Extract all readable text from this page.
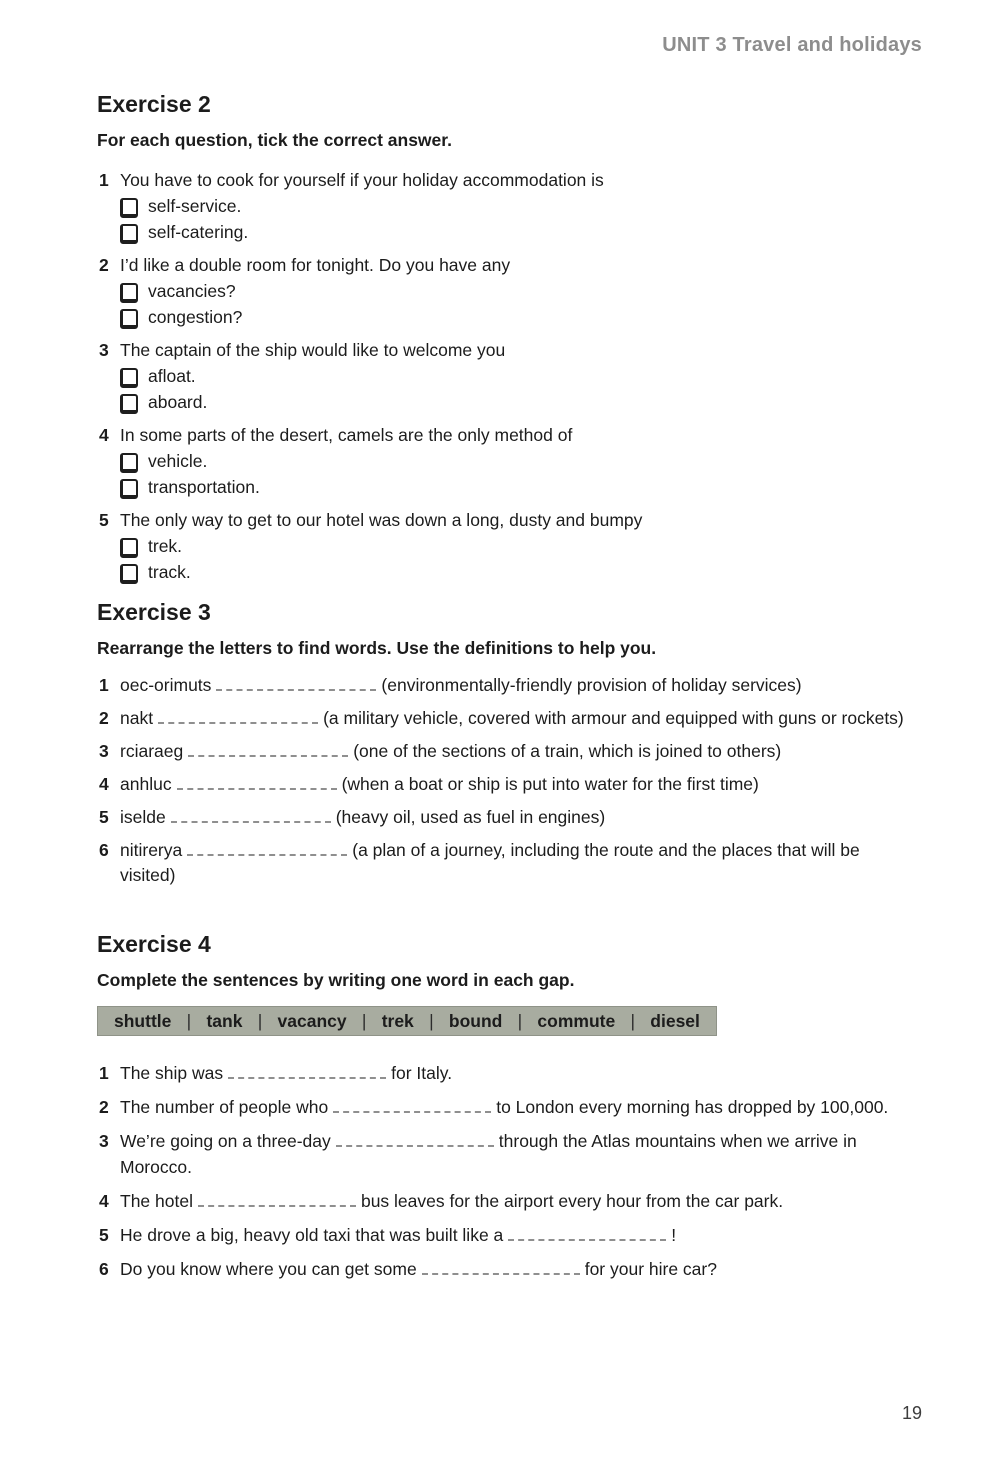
UNIT 3 Travel and holidays
Exercise 2
For each question, tick the correct answer.
1 You have to cook for yourself if your holiday accommodation is
self-service.
self-catering.
2 I’d like a double room for tonight. Do you have any
vacancies?
congestion?
3 The captain of the ship would like to welcome you
afloat.
aboard.
4 In some parts of the desert, camels are the only method of
vehicle.
transportation.
5 The only way to get to our hotel was down a long, dusty and bumpy
trek.
track.
Exercise 3
Rearrange the letters to find words. Use the definitions to help you.
1 oec-orimuts	(environmentally-friendly provision of holiday services)
2 nakt	(a military vehicle, covered with armour and equipped with guns or rockets)
3 rciaraeg	(one of the sections of a train, which is joined to others)
4 anhluc	(when a boat or ship is put into water for the first time)
5 iselde	(heavy oil, used as fuel in engines)
6 nitirerya	(a plan of a journey, including the route and the places that will be visited)
Exercise 4
Complete the sentences by writing one word in each gap.
shuttle | tank | vacancy | trek | bound | commute | diesel
1 The ship was	for Italy.
2 The number of people who	to London every morning has dropped by 100,000.
3 We’re going on a three-day	through the Atlas mountains when we arrive in Morocco.
4 The hotel	bus leaves for the airport every hour from the car park.
5 He drove a big, heavy old taxi that was built like a	!
6 Do you know where you can get some	for your hire car?
19
